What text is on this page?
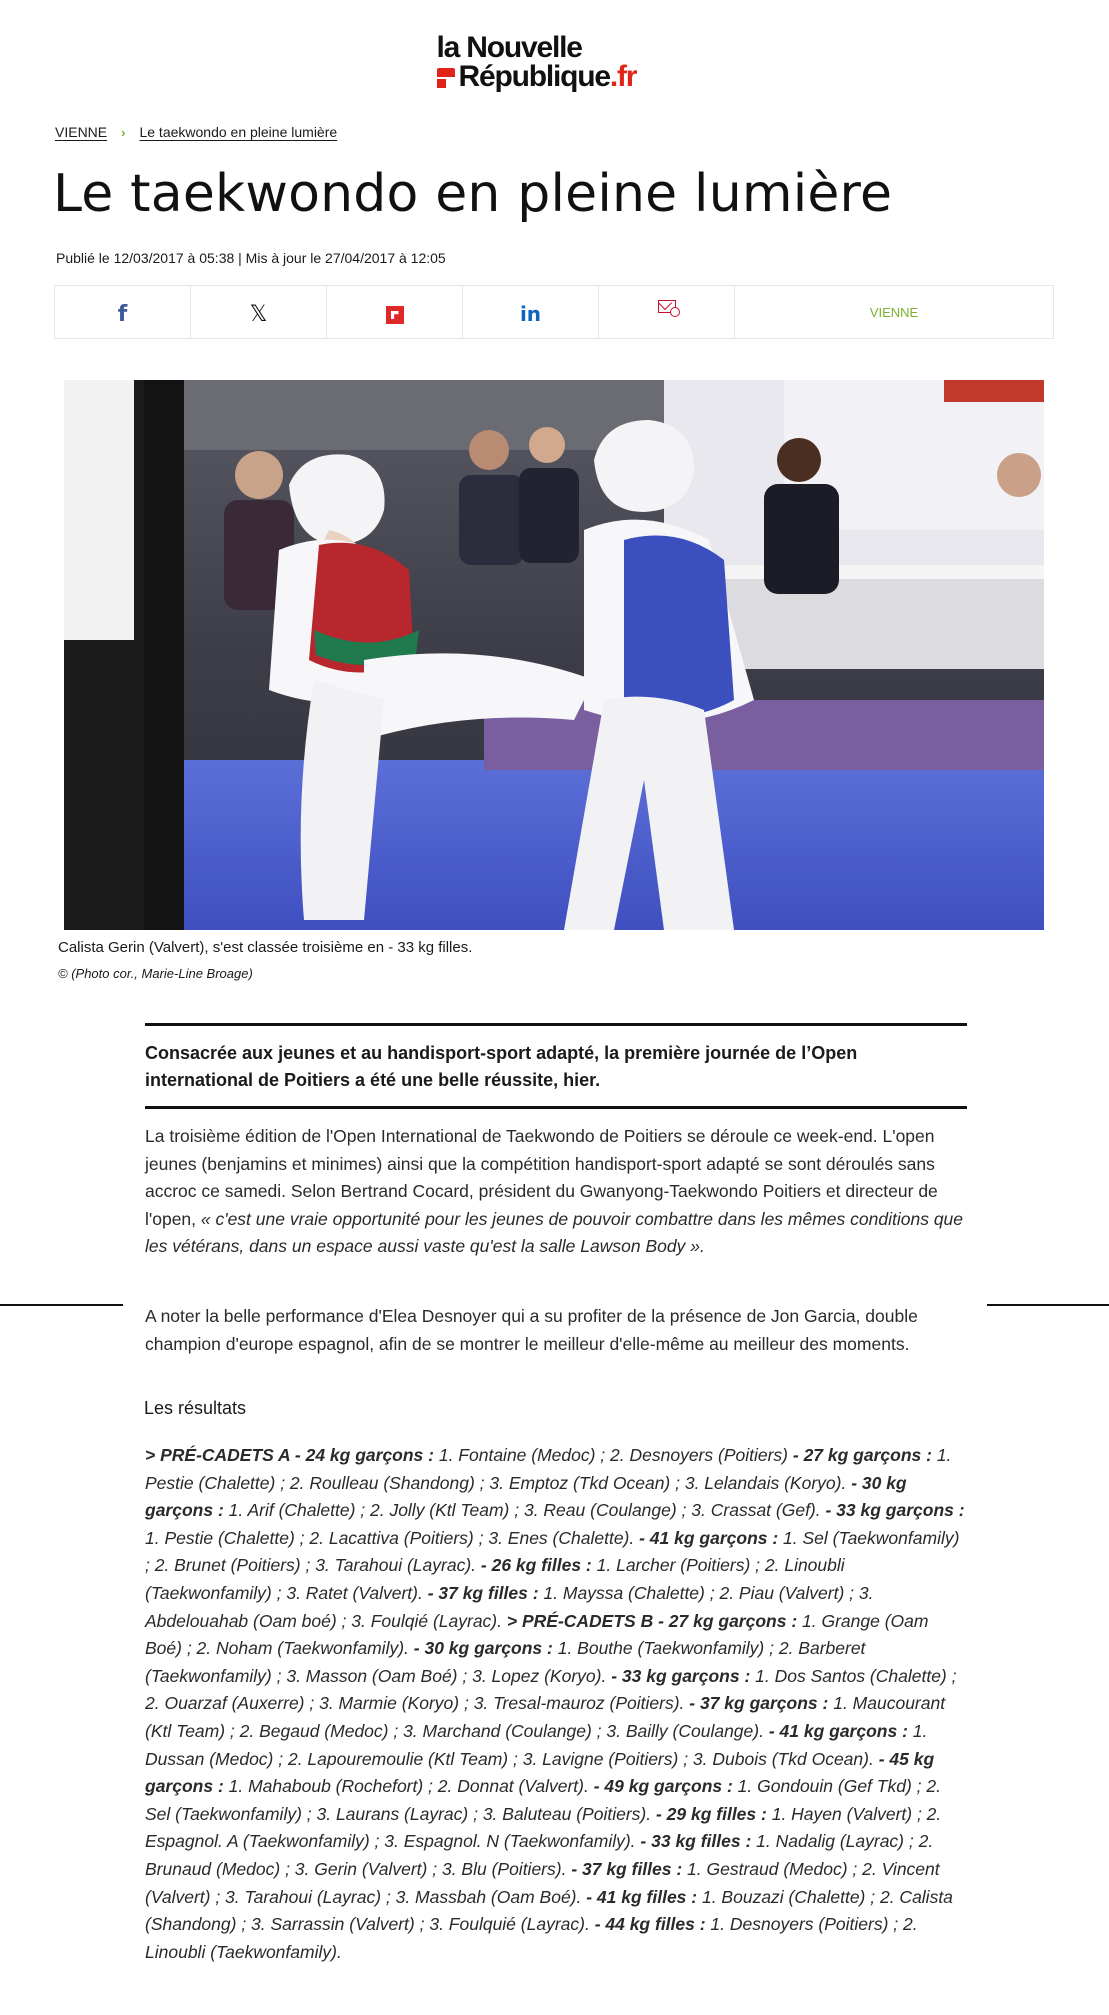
la Nouvelle
République.fr
VIENNE › Le taekwondo en pleine lumière
Le taekwondo en pleine lumière
Publié le 12/03/2017 à 05:38 | Mis à jour le 27/04/2017 à 12:05
f	𝕏	in	VIENNE
Calista Gerin (Valvert), s'est classée troisième en - 33 kg filles.
© (Photo cor., Marie-Line Broage)

Consacrée aux jeunes et au handisport-sport adapté, la première journée de l’Open international de Poitiers a été une belle réussite, hier.

La troisième édition de l'Open International de Taekwondo de Poitiers se déroule ce week-end. L'open jeunes (benjamins et minimes) ainsi que la compétition handisport-sport adapté se sont déroulés sans accroc ce samedi. Selon Bertrand Cocard, président du Gwanyong-Taekwondo Poitiers et directeur de l'open, « c'est une vraie opportunité pour les jeunes de pouvoir combattre dans les mêmes conditions que les vétérans, dans un espace aussi vaste qu'est la salle Lawson Body ».

A noter la belle performance d'Elea Desnoyer qui a su profiter de la présence de Jon Garcia, double champion d'europe espagnol, afin de se montrer le meilleur d'elle-même au meilleur des moments.

Les résultats

> PRÉ-CADETS A - 24 kg garçons : 1. Fontaine (Medoc) ; 2. Desnoyers (Poitiers) - 27 kg garçons : 1. Pestie (Chalette) ; 2. Roulleau (Shandong) ; 3. Emptoz (Tkd Ocean) ; 3. Lelandais (Koryo). - 30 kg garçons : 1. Arif (Chalette) ; 2. Jolly (Ktl Team) ; 3. Reau (Coulange) ; 3. Crassat (Gef). - 33 kg garçons : 1. Pestie (Chalette) ; 2. Lacattiva (Poitiers) ; 3. Enes (Chalette). - 41 kg garçons : 1. Sel (Taekwonfamily) ; 2. Brunet (Poitiers) ; 3. Tarahoui (Layrac). - 26 kg filles : 1. Larcher (Poitiers) ; 2. Linoubli (Taekwonfamily) ; 3. Ratet (Valvert). - 37 kg filles : 1. Mayssa (Chalette) ; 2. Piau (Valvert) ; 3. Abdelouahab (Oam boé) ; 3. Foulqié (Layrac). > PRÉ-CADETS B - 27 kg garçons : 1. Grange (Oam Boé) ; 2. Noham (Taekwonfamily). - 30 kg garçons : 1. Bouthe (Taekwonfamily) ; 2. Barberet (Taekwonfamily) ; 3. Masson (Oam Boé) ; 3. Lopez (Koryo). - 33 kg garçons : 1. Dos Santos (Chalette) ; 2. Ouarzaf (Auxerre) ; 3. Marmie (Koryo) ; 3. Tresal-mauroz (Poitiers). - 37 kg garçons : 1. Maucourant (Ktl Team) ; 2. Begaud (Medoc) ; 3. Marchand (Coulange) ; 3. Bailly (Coulange). - 41 kg garçons : 1. Dussan (Medoc) ; 2. Lapouremoulie (Ktl Team) ; 3. Lavigne (Poitiers) ; 3. Dubois (Tkd Ocean). - 45 kg garçons : 1. Mahaboub (Rochefort) ; 2. Donnat (Valvert). - 49 kg garçons : 1. Gondouin (Gef Tkd) ; 2. Sel (Taekwonfamily) ; 3. Laurans (Layrac) ; 3. Baluteau (Poitiers). - 29 kg filles : 1. Hayen (Valvert) ; 2. Espagnol. A (Taekwonfamily) ; 3. Espagnol. N (Taekwonfamily). - 33 kg filles : 1. Nadalig (Layrac) ; 2. Brunaud (Medoc) ; 3. Gerin (Valvert) ; 3. Blu (Poitiers). - 37 kg filles : 1. Gestraud (Medoc) ; 2. Vincent (Valvert) ; 3. Tarahoui (Layrac) ; 3. Massbah (Oam Boé). - 41 kg filles : 1. Bouzazi (Chalette) ; 2. Calista (Shandong) ; 3. Sarrassin (Valvert) ; 3. Foulquié (Layrac). - 44 kg filles : 1. Desnoyers (Poitiers) ; 2. Linoubli (Taekwonfamily).
